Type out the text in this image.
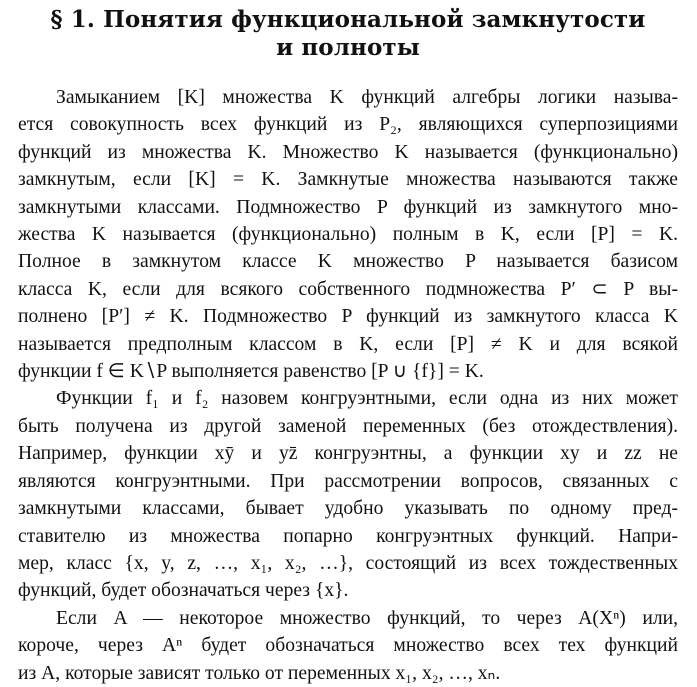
§ 1. Понятия функциональной замкнутости
и полноты
Замыканием [K] множества K функций алгебры логики называ-
ется совокупность всех функций из P₂, являющихся суперпозициями
функций из множества K. Множество K называется (функционально)
замкнутым, если [K] = K. Замкнутые множества называются также
замкнутыми классами. Подмножество P функций из замкнутого мно-
жества K называется (функционально) полным в K, если [P] = K.
Полное в замкнутом классе K множество P называется базисом
класса K, если для всякого собственного подмножества P′ ⊂ P вы-
полнено [P′] ≠ K. Подмножество P функций из замкнутого класса K
называется предполным классом в K, если [P] ≠ K и для всякой
функции f ∈ K∖P выполняется равенство [P ∪ {f}] = K.
Функции f₁ и f₂ назовем конгруэнтными, если одна из них может
быть получена из другой заменой переменных (без отождествления).
Например, функции xȳ и yz̄ конгруэнтны, а функции xy и zz не
являются конгруэнтными. При рассмотрении вопросов, связанных с
замкнутыми классами, бывает удобно указывать по одному пред-
ставителю из множества попарно конгруэнтных функций. Напри-
мер, класс {x, y, z, …, x₁, x₂, …}, состоящий из всех тождественных
функций, будет обозначаться через {x}.
Если A — некоторое множество функций, то через A(Xⁿ) или,
короче, через Aⁿ будет обозначаться множество всех тех функций
из A, которые зависят только от переменных x₁, x₂, …, xₙ.
